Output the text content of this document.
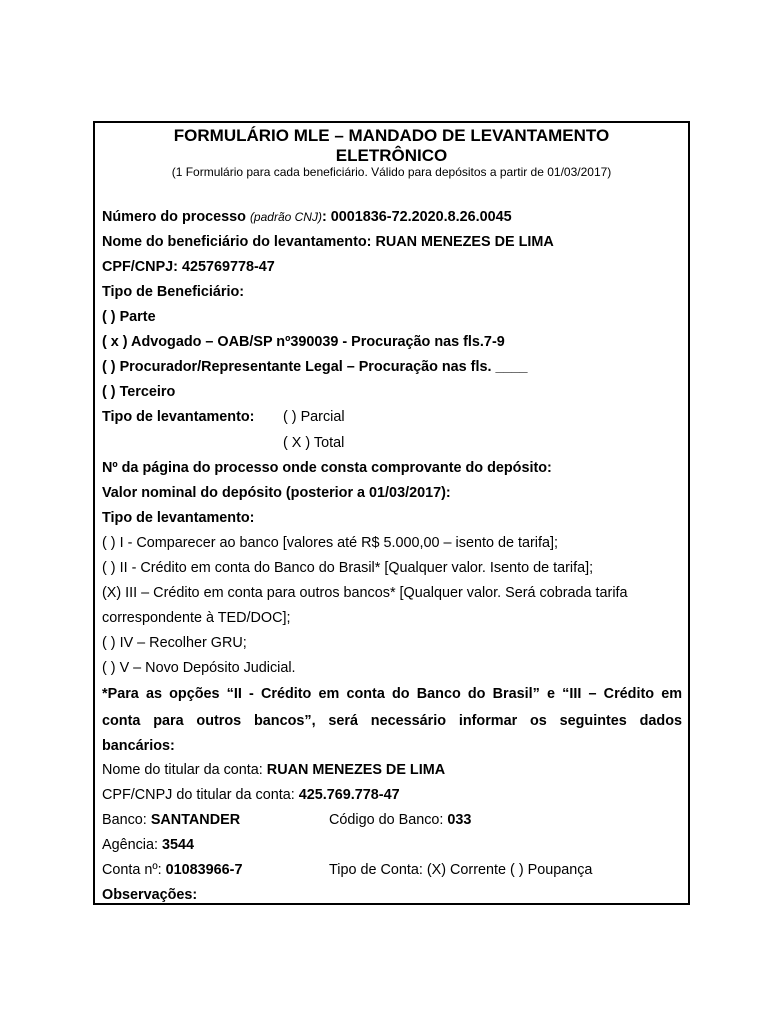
FORMULÁRIO MLE – MANDADO DE LEVANTAMENTO
ELETRÔNICO
(1 Formulário para cada beneficiário. Válido para depósitos a partir de 01/03/2017)
Número do processo (padrão CNJ): 0001836-72.2020.8.26.0045
Nome do beneficiário do levantamento: RUAN MENEZES DE LIMA
CPF/CNPJ: 425769778-47
Tipo de Beneficiário:
( ) Parte
( x ) Advogado – OAB/SP nº390039 - Procuração nas fls.7-9
( ) Procurador/Representante Legal – Procuração nas fls. ____
( ) Terceiro
Tipo de levantamento: ( ) Parcial
( X ) Total
Nº da página do processo onde consta comprovante do depósito:
Valor nominal do depósito (posterior a 01/03/2017):
Tipo de levantamento:
( ) I - Comparecer ao banco [valores até R$ 5.000,00 – isento de tarifa];
( ) II - Crédito em conta do Banco do Brasil* [Qualquer valor. Isento de tarifa];
(X) III – Crédito em conta para outros bancos* [Qualquer valor. Será cobrada tarifa
correspondente à TED/DOC];
( ) IV – Recolher GRU;
( ) V – Novo Depósito Judicial.
*Para as opções “II - Crédito em conta do Banco do Brasil” e “III – Crédito em
conta para outros bancos”, será necessário informar os seguintes dados
bancários:
Nome do titular da conta: RUAN MENEZES DE LIMA
CPF/CNPJ do titular da conta: 425.769.778-47
Banco: SANTANDER	Código do Banco: 033
Agência: 3544
Conta nº: 01083966-7	Tipo de Conta: (X) Corrente ( ) Poupança
Observações:
